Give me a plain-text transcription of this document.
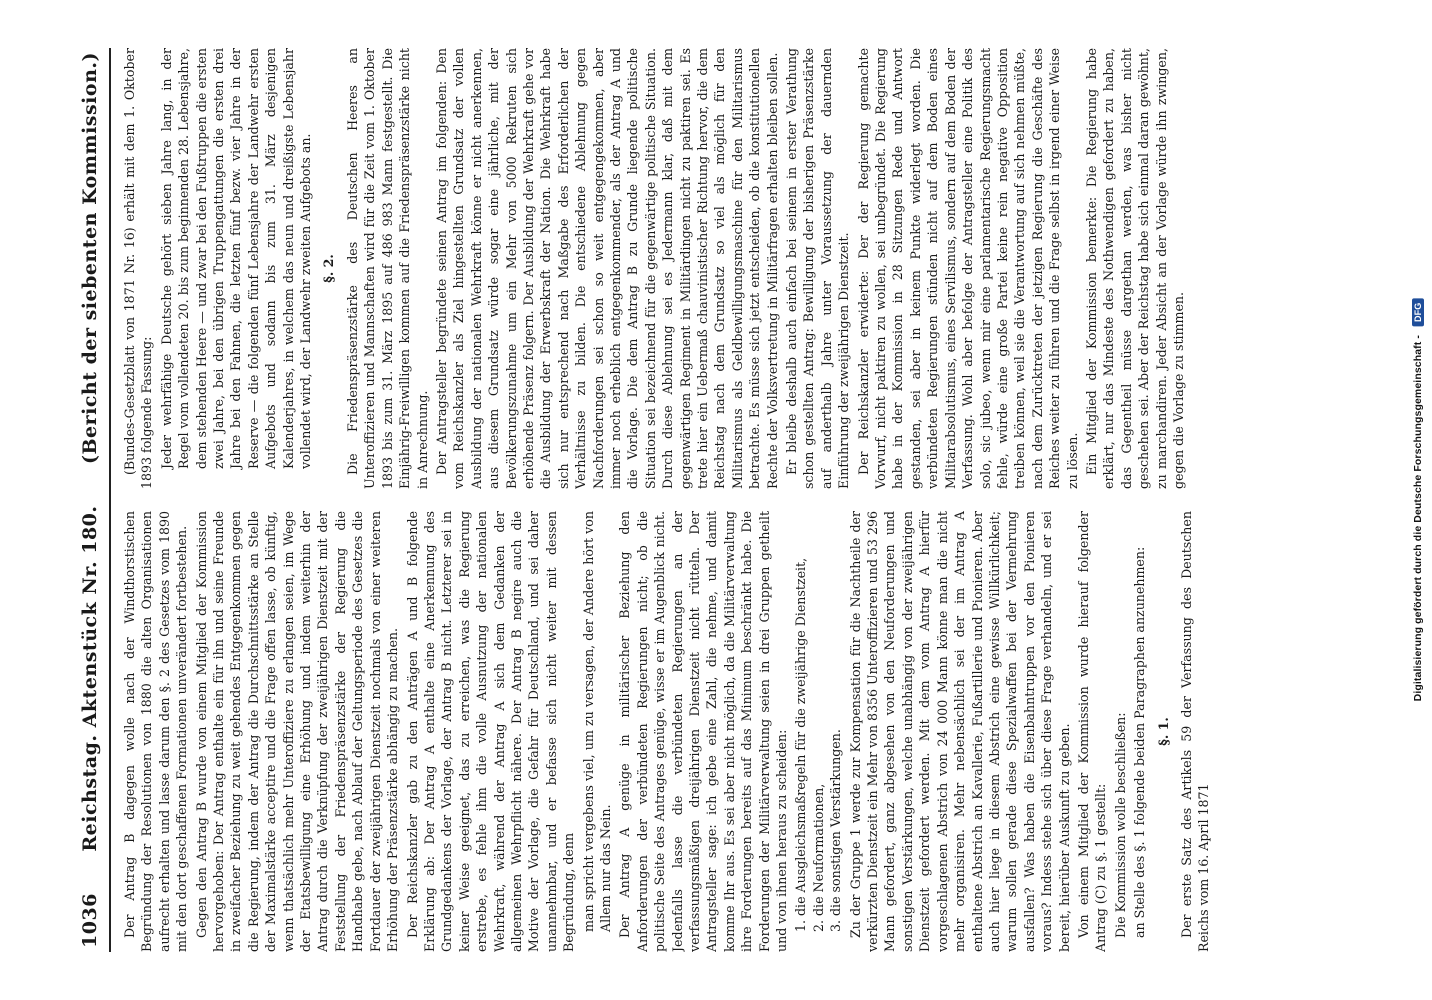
1036
Reichstag. Aktenstück Nr. 180.
(Bericht der siebenten Kommission.)

Der Antrag B dagegen wolle nach der Windthorstischen Begründung der Resolutionen von 1880 die alten Organisationen aufrecht erhalten und lasse darum den §. 2 des Gesetzes vom 1890 mit den dort geschaffenen Formationen unverändert fortbestehen. Gegen den Antrag B wurde von einem Mitglied der Kommission hervorgehoben: Der Antrag enthalte ein für ihn und seine Freunde in zweifacher Beziehung zu weit gehendes Entgegenkommen gegen die Regierung, indem der Antrag die Durchschnittsstärke an Stelle der Maximalstärke acceptire und die Frage offen lasse, ob künftig, wenn thatsächlich mehr Unteroffiziere zu erlangen seien, im Wege der Etatsbewilligung eine Erhöhung und indem weiterhin der Antrag durch die Verknüpfung der zweijährigen Dienstzeit mit der Feststellung der Friedenspräsenzstärke der Regierung die Handhabe gebe, nach Ablauf der Geltungsperiode des Gesetzes die Fortdauer der zweijährigen Dienstzeit nochmals von einer weiteren Erhöhung der Präsenzstärke abhängig zu machen. Der Reichskanzler gab zu den Anträgen A und B folgende Erklärung ab: Der Antrag A enthalte eine Anerkennung des Grundgedankens der Vorlage, der Antrag B nicht. Letzterer sei in keiner Weise geeignet, das zu erreichen, was die Regierung erstrebe, es fehle ihm die volle Ausnutzung der nationalen Wehrkraft, während der Antrag A sich dem Gedanken der allgemeinen Wehrpflicht nähere. Der Antrag B negire auch die Motive der Vorlage, die Gefahr für Deutschland, und sei daher unannehmbar, und er befasse sich nicht weiter mit dessen Begründung, denn man spricht vergebens viel, um zu versagen, der Andere hört von Allem nur das Nein. Der Antrag A genüge in militärischer Beziehung den Anforderungen der verbündeten Regierungen nicht; ob die politische Seite des Antrages genüge, wisse er im Augenblick nicht. Jedenfalls lasse die verbündeten Regierungen an der verfassungsmäßigen dreijährigen Dienstzeit nicht rütteln. Der Antragsteller sage: ich gebe eine Zahl, die nehme, und damit komme Ihr aus. Es sei aber nicht möglich, da die Militärverwaltung ihre Forderungen bereits auf das Minimum beschränkt habe. Die Forderungen der Militärverwaltung seien in drei Gruppen getheilt und von ihnen heraus zu scheiden: 1. die Ausgleichsmaßregeln für die zweijährige Dienstzeit, 2. die Neuformationen, 3. die sonstigen Verstärkungen. Zu der Gruppe 1 werde zur Kompensation für die Nachtheile der verkürzten Dienstzeit ein Mehr von 8356 Unteroffizieren und 53 296 Mann gefordert, ganz abgesehen von den Neuforderungen und sonstigen Verstärkungen, welche unabhängig von der zweijährigen Dienstzeit gefordert werden. Mit dem vom Antrag A hierfür vorgeschlagenen Abstrich von 24 000 Mann könne man die nicht mehr organisiren. Mehr nebensächlich sei der im Antrag A enthaltene Abstrich an Kavallerie, Fußartillerie und Pionieren. Aber auch hier liege in diesem Abstrich eine gewisse Willkürlichkeit; warum sollen gerade diese Spezialwaffen bei der Vermehrung ausfallen? Was haben die Eisenbahntruppen vor den Pionieren voraus? Indess stehe sich über diese Frage verhandeln, und er sei bereit, hierüber Auskunft zu geben. Von einem Mitglied der Kommission wurde hierauf folgender Antrag (C) zu §. 1 gestellt: Die Kommission wolle beschließen: an Stelle des §. 1 folgende beiden Paragraphen anzunehmen: §. 1. Der erste Satz des Artikels 59 der Verfassung des Deutschen Reichs vom 16. April 1871

(Bundes-Gesetzblatt von 1871 Nr. 16) erhält mit dem 1. Oktober 1893 folgende Fassung: Jeder wehrfähige Deutsche gehört sieben Jahre lang, in der Regel vom vollendeten 20. bis zum beginnenden 28. Lebensjahre, dem stehenden Heere — und zwar bei den Fußtruppen die ersten zwei Jahre, bei den übrigen Truppengattungen die ersten drei Jahre bei den Fahnen, die letzten fünf bezw. vier Jahre in der Reserve — die folgenden fünf Lebensjahre der Landwehr ersten Aufgebots und sodann bis zum 31. März desjenigen Kalenderjahres, in welchem das neun und dreißigste Lebensjahr vollendet wird, der Landwehr zweiten Aufgebots an. §. 2. Die Friedenspräsenzstärke des Deutschen Heeres an Unteroffizieren und Mannschaften wird für die Zeit vom 1. Oktober 1893 bis zum 31. März 1895 auf 486 983 Mann festgestellt. Die Einjährig-Freiwilligen kommen auf die Friedenspräsenzstärke nicht in Anrechnung. Der Antragsteller begründete seinen Antrag im folgenden: Den vom Reichskanzler als Ziel hingestellten Grundsatz der vollen Ausbildung der nationalen Wehrkraft könne er nicht anerkennen, aus diesem Grundsatz würde sogar eine jährliche, mit der Bevölkerungszunahme um ein Mehr von 5000 Rekruten sich erhöhende Präsenz folgern. Der Ausbildung der Wehrkraft gehe vor die Ausbildung der Erwerbskraft der Nation. Die Wehrkraft habe sich nur entsprechend nach Maßgabe des Erforderlichen der Verhältnisse zu bilden. Die entschiedene Ablehnung gegen Nachforderungen sei schon so weit entgegengekommen, aber immer noch erheblich entgegenkommender, als der Antrag A und die Vorlage. Die dem Antrag B zu Grunde liegende politische Situation sei bezeichnend für die gegenwärtige politische Situation. Durch diese Ablehnung sei es Jedermann klar, daß mit dem gegenwärtigen Regiment in Militärdingen nicht zu paktiren sei. Es trete hier ein Uebermaß chauvinistischer Richtung hervor, die dem Reichstag nach dem Grundsatz so viel als möglich für den Militarismus als Geldbewilligungsmaschine für den Militarismus betrachte. Es müsse sich jetzt entscheiden, ob die konstitutionellen Rechte der Volksvertretung in Militärfragen erhalten bleiben sollen. Er bleibe deshalb auch einfach bei seinem in erster Verathung schon gestellten Antrag: Bewilligung der bisherigen Präsenzstärke auf anderthalb Jahre unter Voraussetzung der dauernden Einführung der zweijährigen Dienstzeit. Der Reichskanzler erwiderte: Der der Regierung gemachte Vorwurf, nicht paktiren zu wollen, sei unbegründet. Die Regierung habe in der Kommission in 28 Sitzungen Rede und Antwort gestanden, sei aber in keinem Punkte widerlegt worden. Die verbündeten Regierungen stünden nicht auf dem Boden eines Militarabsolutismus, eines Servilismus, sondern auf dem Boden der Verfassung. Wohl aber befolge der Antragsteller eine Politik des solo, sic jubeo, wenn mir eine parlamentarische Regierungsmacht fehle, würde eine große Partei keine rein negative Opposition treiben können, weil sie die Verantwortung auf sich nehmen müßte, nach dem Zurücktreten der jetzigen Regierung die Geschäfte des Reiches weiter zu führen und die Frage selbst in irgend einer Weise zu lösen. Ein Mitglied der Kommission bemerkte: Die Regierung habe erklärt, nur das Mindeste des Nothwendigen gefordert zu haben, das Gegentheil müsse dargethan werden, was bisher nicht geschehen sei. Aber der Reichstag habe sich einmal daran gewöhnt, zu marchandiren. Jeder Absicht an der Vorlage würde ihn zwingen, gegen die Vorlage zu stimmen.	Digitalisierung gefördert durch die Deutsche Forschungsgemeinschaft - DFG
